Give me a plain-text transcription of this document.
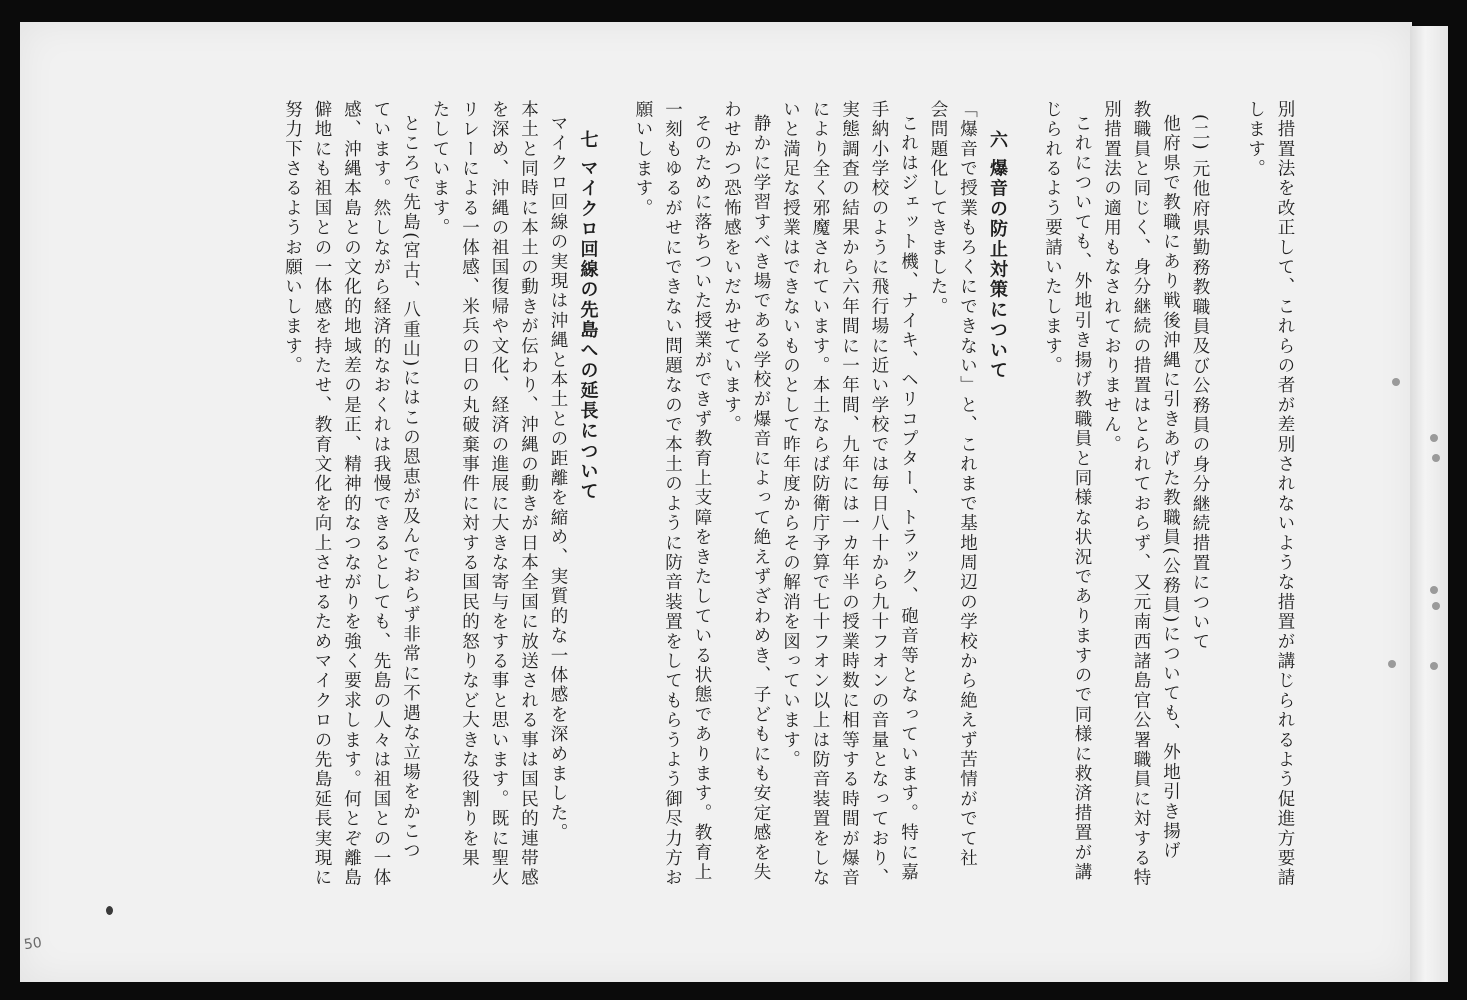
別措置法を改正して、これらの者が差別されないような措置が講じられるよう促進方要請
します。
(二) 元他府県勤務教職員及び公務員の身分継続措置について
他府県で教職にあり戦後沖縄に引きあげた教職員(公務員)についても、外地引き揚げ
教職員と同じく、身分継続の措置はとられておらず、又元南西諸島官公署職員に対する特
別措置法の適用もなされておりません。
これについても、外地引き揚げ教職員と同様な状況でありますので同様に救済措置が講
じられるよう要請いたします。
六 爆音の防止対策について
「爆音で授業もろくにできない」と、これまで基地周辺の学校から絶えず苦情がでて社
会問題化してきました。
これはジェット機、ナイキ、ヘリコプター、トラック、砲音等となっています。特に嘉
手納小学校のように飛行場に近い学校では毎日八十から九十フオンの音量となっており、
実態調査の結果から六年間に一年間、九年には一カ年半の授業時数に相等する時間が爆音
により全く邪魔されています。本土ならば防衛庁予算で七十フオン以上は防音装置をしな
いと満足な授業はできないものとして昨年度からその解消を図っています。
静かに学習すべき場である学校が爆音によって絶えずざわめき、子どもにも安定感を失
わせかつ恐怖感をいだかせています。
そのために落ちついた授業ができず教育上支障をきたしている状態であります。教育上
一刻もゆるがせにできない問題なので本土のように防音装置をしてもらうよう御尽力方お
願いします。
七 マイクロ回線の先島への延長について
マイクロ回線の実現は沖縄と本土との距離を縮め、実質的な一体感を深めました。
本土と同時に本土の動きが伝わり、沖縄の動きが日本全国に放送される事は国民的連帯感
を深め、沖縄の祖国復帰や文化、経済の進展に大きな寄与をする事と思います。既に聖火
リレーによる一体感、米兵の日の丸破棄事件に対する国民的怒りなど大きな役割りを果
たしています。
ところで先島(宮古、八重山)にはこの恩恵が及んでおらず非常に不遇な立場をかこつ
ています。然しながら経済的なおくれは我慢できるとしても、先島の人々は祖国との一体
感、沖縄本島との文化的地域差の是正、精神的なつながりを強く要求します。何とぞ離島
僻地にも祖国との一体感を持たせ、教育文化を向上させるためマイクロの先島延長実現に
努力下さるようお願いします。
50
